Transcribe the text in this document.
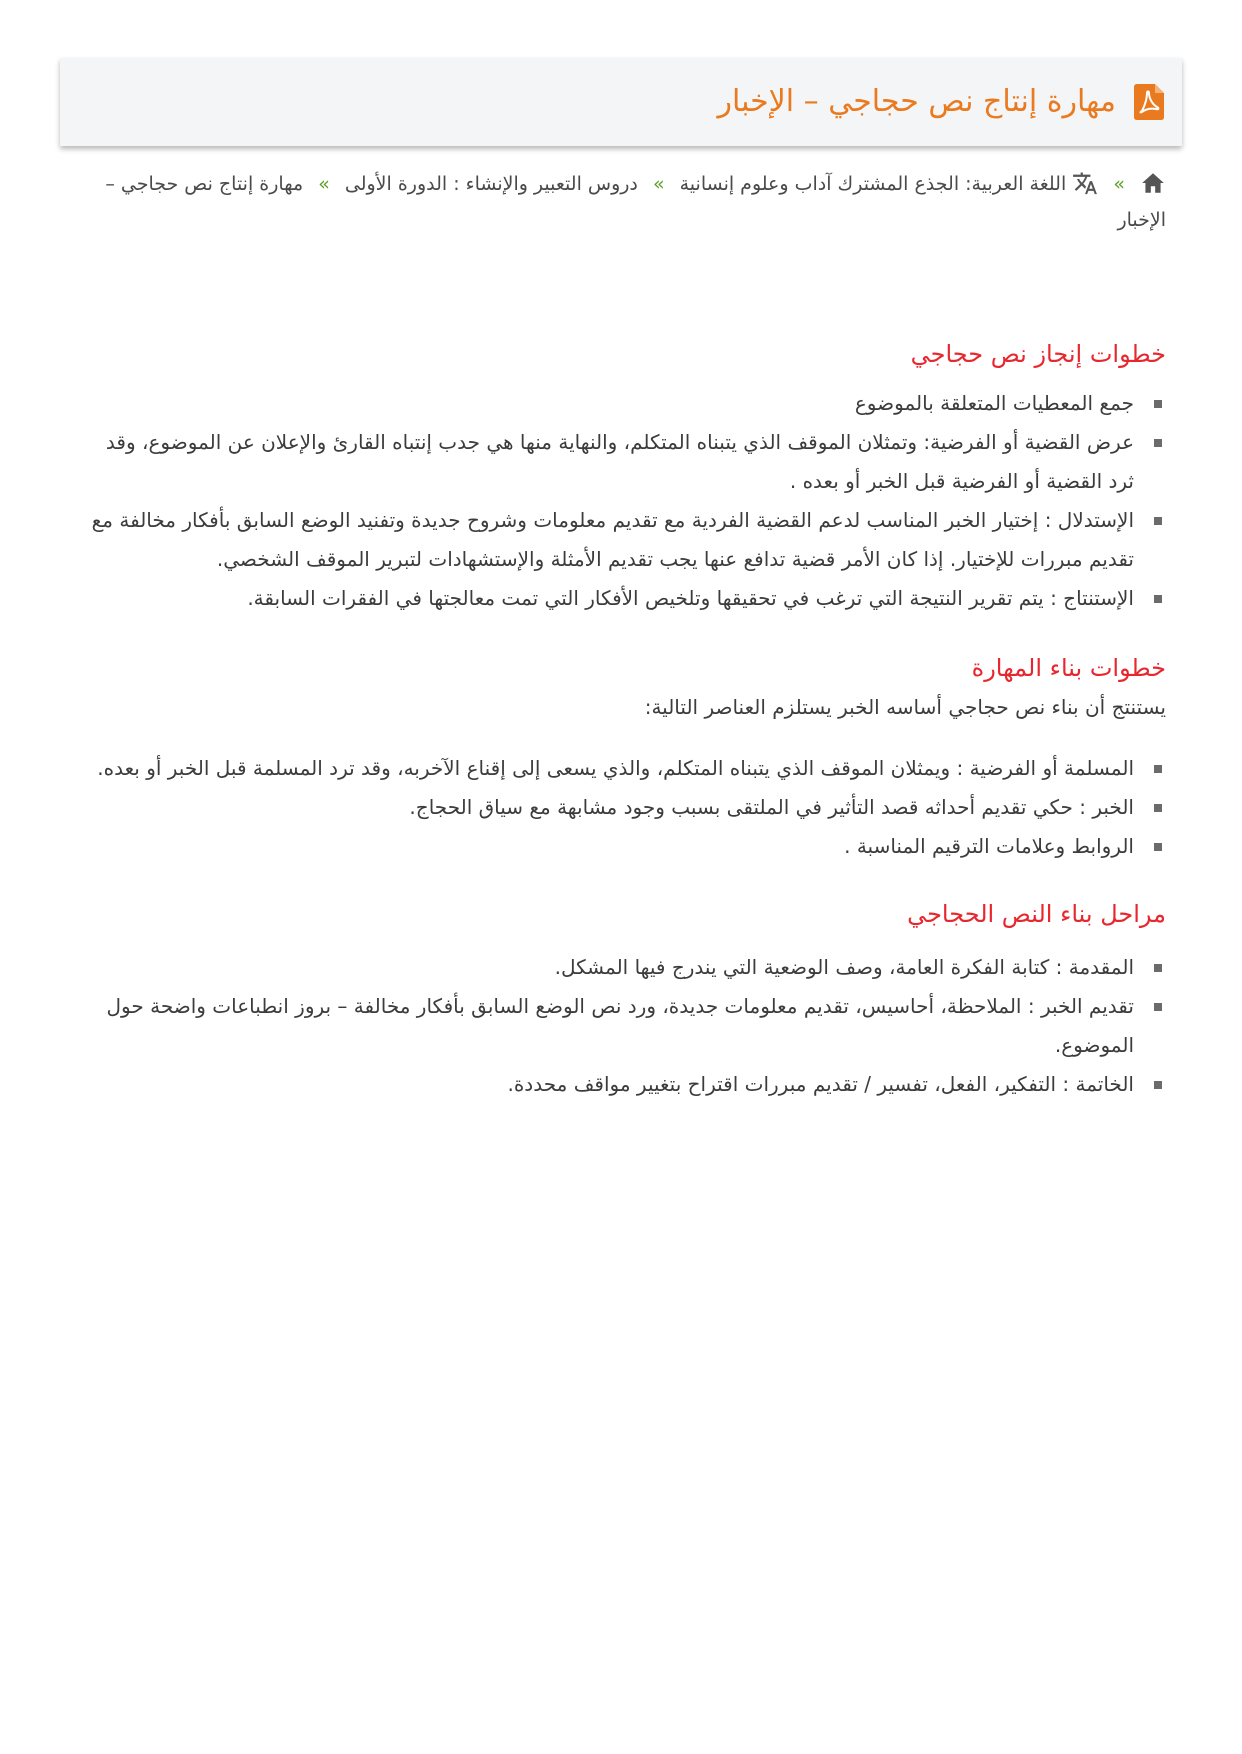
مهارة إنتاج نص حجاجي – الإخبار
»  اللغة العربية: الجذع المشترك آداب وعلوم إنسانية » دروس التعبير والإنشاء : الدورة الأولى » مهارة إنتاج نص حجاجي – الإخبار
خطوات إنجاز نص حجاجي
جمع المعطيات المتعلقة بالموضوع
عرض القضية أو الفرضية: وتمثلان الموقف الذي يتبناه المتكلم، والنهاية منها هي جدب إنتباه القارئ والإعلان عن الموضوع، وقد ثرد القضية أو الفرضية قبل الخبر أو بعده .
الإستدلال : إختيار الخبر المناسب لدعم القضية الفردية مع تقديم معلومات وشروح جديدة وتفنيد الوضع السابق بأفكار مخالفة مع تقديم مبررات للإختيار. إذا كان الأمر قضية تدافع عنها يجب تقديم الأمثلة والإستشهادات لتبرير الموقف الشخصي.
الإستنتاج : يتم تقرير النتيجة التي ترغب في تحقيقها وتلخيص الأفكار التي تمت معالجتها في الفقرات السابقة.
خطوات بناء المهارة

يستنتج أن بناء نص حجاجي أساسه الخبر يستلزم العناصر التالية:

المسلمة أو الفرضية : ويمثلان الموقف الذي يتبناه المتكلم، والذي يسعى إلى إقناع الآخربه، وقد ترد المسلمة قبل الخبر أو بعده.
الخبر : حكي تقديم أحداثه قصد التأثير في الملتقى بسبب وجود مشابهة مع سياق الحجاج.
الروابط وعلامات الترقيم المناسبة .
مراحل بناء النص الحجاجي
المقدمة : كتابة الفكرة العامة، وصف الوضعية التي يندرج فيها المشكل.
تقديم الخبر : الملاحظة، أحاسيس، تقديم معلومات جديدة، ورد نص الوضع السابق بأفكار مخالفة – بروز انطباعات واضحة حول الموضوع.
الخاتمة : التفكير، الفعل، تفسير / تقديم مبررات اقتراح بتغيير مواقف محددة.
